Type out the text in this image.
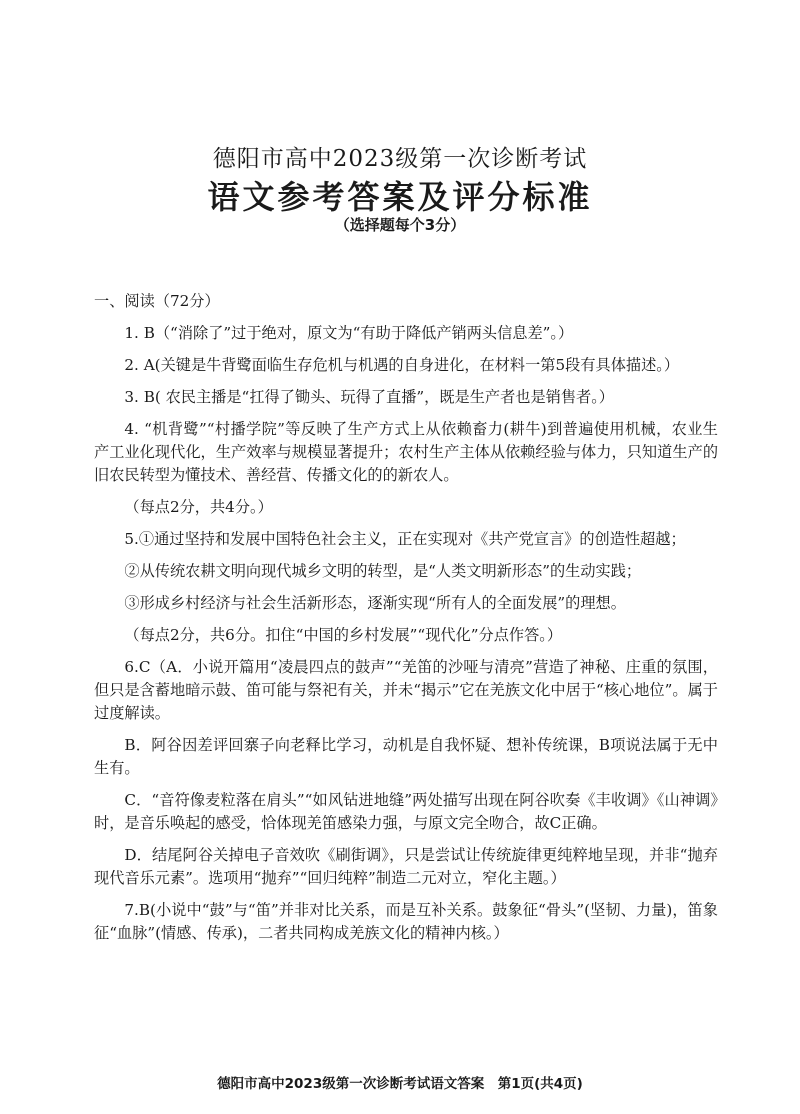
德阳市高中2023级第一次诊断考试
语文参考答案及评分标准
（选择题每个3分）

一、阅读（72分）

1. B（“消除了”过于绝对，原文为“有助于降低产销两头信息差”。）

2. A(关键是牛背鹭面临生存危机与机遇的自身进化，在材料一第5段有具体描述。）

3. B( 农民主播是“扛得了锄头、玩得了直播”，既是生产者也是销售者。）

4. “机背鹭”“村播学院”等反映了生产方式上从依赖畜力(耕牛)到普遍使用机械，农业生产工业化现代化，生产效率与规模显著提升；农村生产主体从依赖经验与体力，只知道生产的旧农民转型为懂技术、善经营、传播文化的的新农人。

（每点2分，共4分。）

5.①通过坚持和发展中国特色社会主义，正在实现对《共产党宣言》的创造性超越；

②从传统农耕文明向现代城乡文明的转型，是“人类文明新形态”的生动实践；

③形成乡村经济与社会生活新形态，逐渐实现“所有人的全面发展”的理想。

（每点2分，共6分。扣住“中国的乡村发展”“现代化”分点作答。）

6.C（A．小说开篇用“凌晨四点的鼓声”“羌笛的沙哑与清亮”营造了神秘、庄重的氛围，但只是含蓄地暗示鼓、笛可能与祭祀有关，并未“揭示”它在羌族文化中居于“核心地位”。属于过度解读。

B．阿谷因差评回寨子向老释比学习，动机是自我怀疑、想补传统课，B项说法属于无中生有。

C．“音符像麦粒落在肩头”“如风钻进地缝”两处描写出现在阿谷吹奏《丰收调》《山神调》时，是音乐唤起的感受，恰体现羌笛感染力强，与原文完全吻合，故C正确。

D．结尾阿谷关掉电子音效吹《刷街调》，只是尝试让传统旋律更纯粹地呈现，并非“抛弃现代音乐元素”。选项用“抛弃”“回归纯粹”制造二元对立，窄化主题。）

7.B(小说中“鼓”与“笛”并非对比关系，而是互补关系。鼓象征“骨头”(坚韧、力量)，笛象征“血脉”(情感、传承)，二者共同构成羌族文化的精神内核。）

德阳市高中2023级第一次诊断考试语文答案　第1页(共4页)
